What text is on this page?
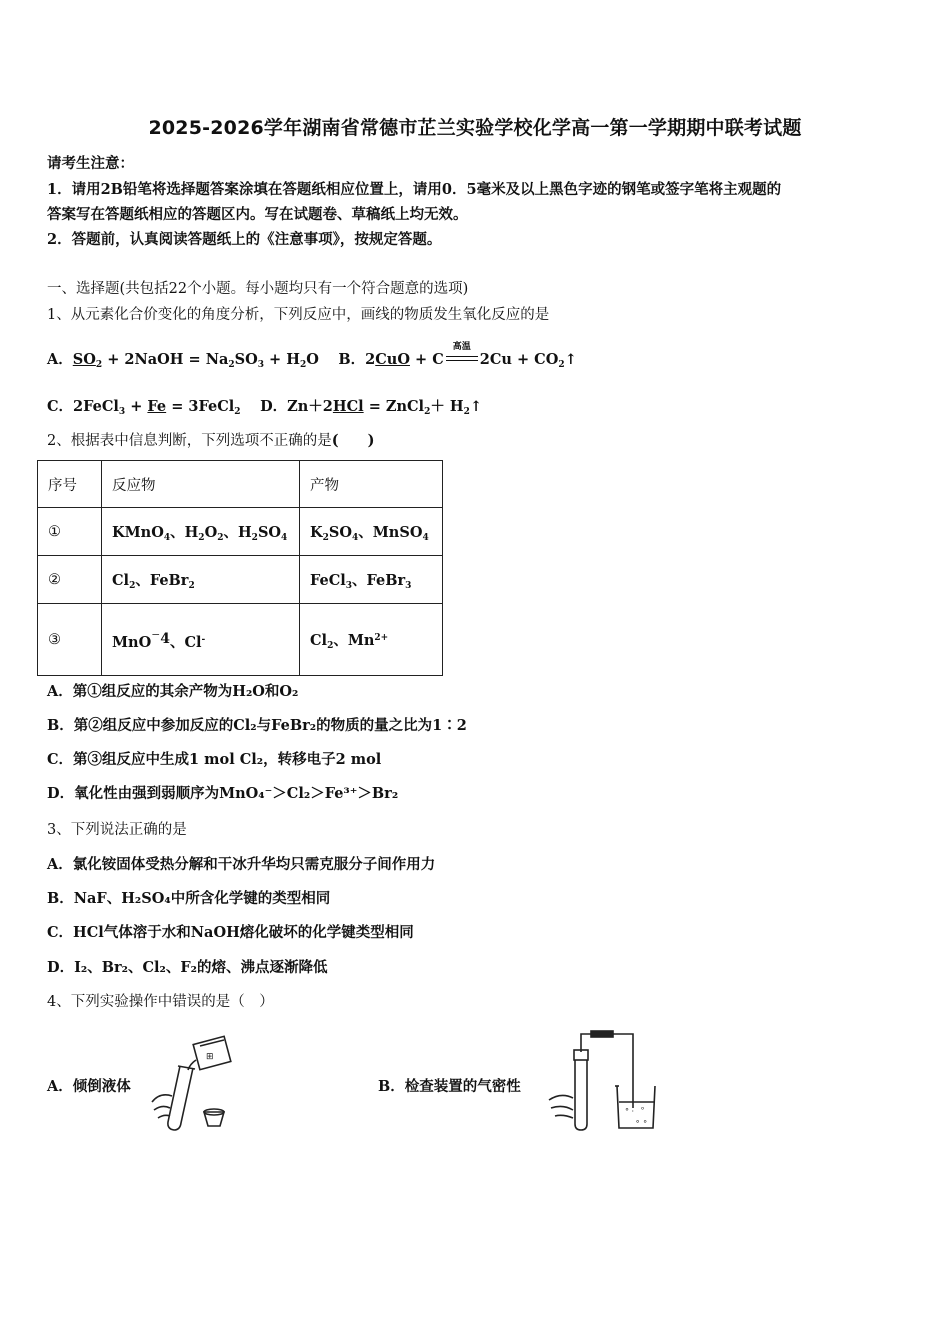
2025-2026学年湖南省常德市芷兰实验学校化学高一第一学期期中联考试题
请考生注意：
1．请用2B铅笔将选择题答案涂填在答题纸相应位置上，请用0．5毫米及以上黑色字迹的钢笔或签字笔将主观题的
答案写在答题纸相应的答题区内。写在试题卷、草稿纸上均无效。
2．答题前，认真阅读答题纸上的《注意事项》，按规定答题。
一、选择题(共包括22个小题。每小题均只有一个符合题意的选项)
1、从元素化合价变化的角度分析，下列反应中，画线的物质发生氧化反应的是
A．$SO_2$ + 2NaOH = $Na_2SO_3 + H_2O$　 B．2CuO + C
高温
$2Cu + CO_2↑$
C．2FeCl$_3$ + Fe = 3FeCl$_2$　 D．Zn＋2HCl = ZnCl$_2$＋ $H_2↑$
2、根据表中信息判断，下列选项不正确的是(　　)
序号	反应物	产物
①	KMnO$_4$、$H_2O_2$、$H_2SO_4$	$K_2SO_4$、MnSO$_4$
②	$Cl_2$、FeBr$_2$	FeCl$_3$、FeBr$_3$
③	$MnO^-_4$、Cl-	$Cl_2$、$Mn^{2+}$
A．第①组反应的其余产物为H₂O和O₂
B．第②组反应中参加反应的Cl₂与FeBr₂的物质的量之比为1∶2
C．第③组反应中生成1 mol Cl₂，转移电子2 mol
D．氧化性由强到弱顺序为MnO₄⁻＞Cl₂＞Fe³⁺＞Br₂
3、下列说法正确的是
A．氯化铵固体受热分解和干冰升华均只需克服分子间作用力
B．NaF、H₂SO₄中所含化学键的类型相同
C．HCl气体溶于水和NaOH熔化破坏的化学键类型相同
D．I₂、Br₂、Cl₂、F₂的熔、沸点逐渐降低
4、下列实验操作中错误的是（　）
A．倾倒液体
⊞
B．检查装置的气密性
° ·
∘ ∘
ᵒ
